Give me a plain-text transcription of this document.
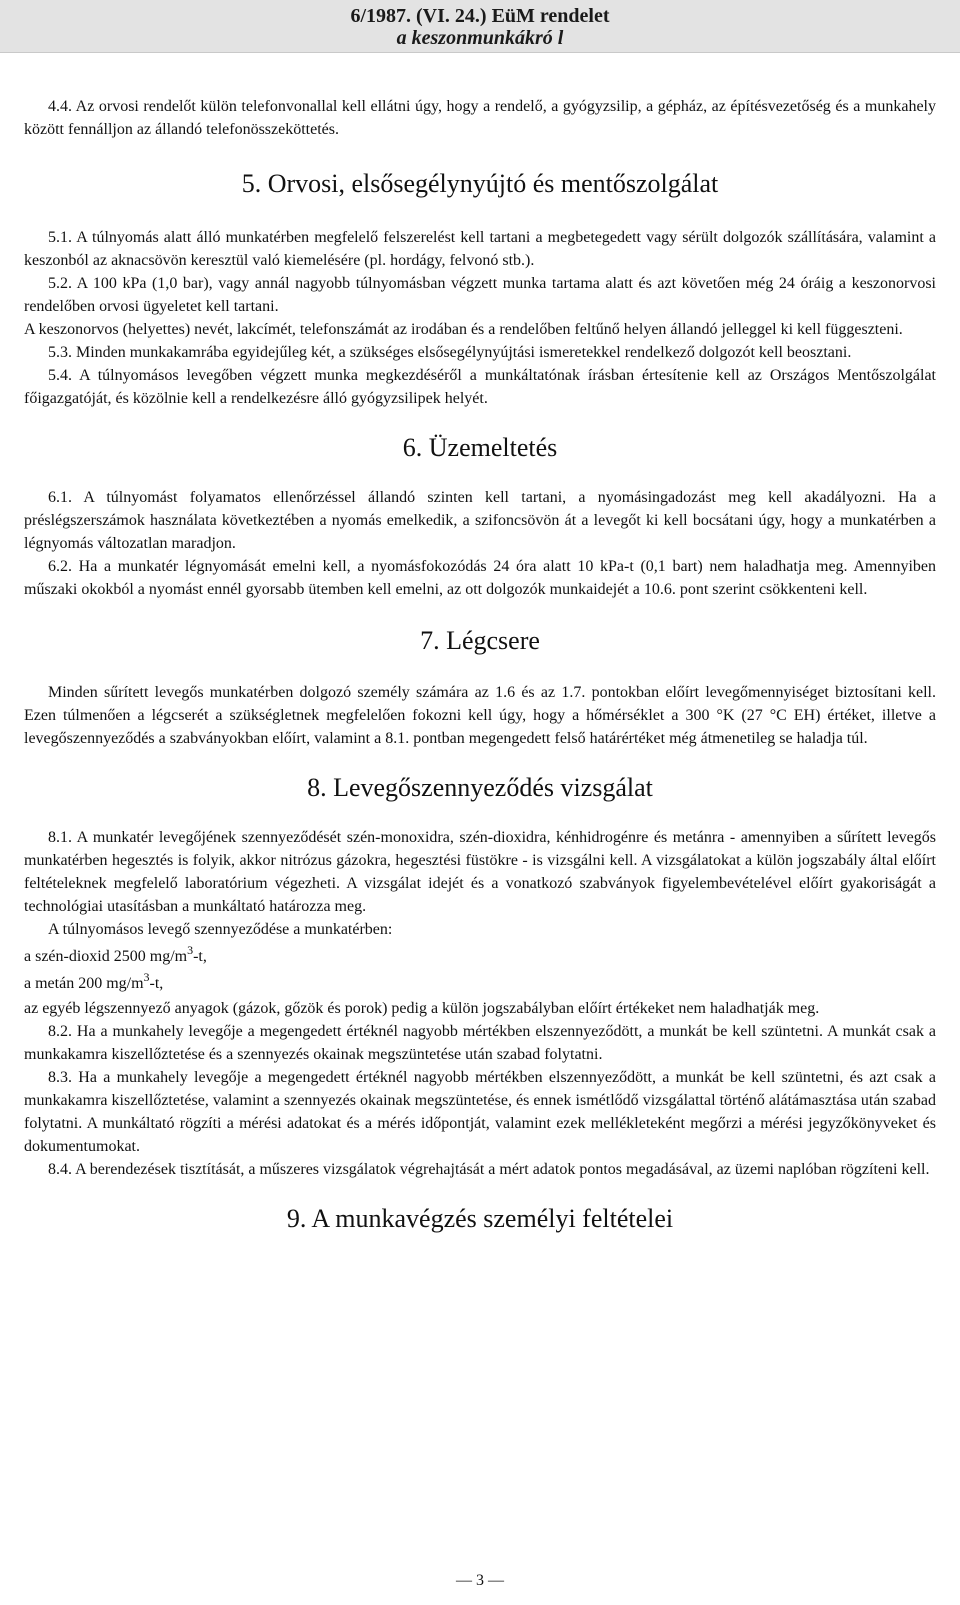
6/1987. (VI. 24.) EüM rendelet
a keszonmunkákró l

4.4. Az orvosi rendelőt külön telefonvonallal kell ellátni úgy, hogy a rendelő, a gyógyzsilip, a gépház, az építésvezetőség és a munkahely között fennálljon az állandó telefonösszeköttetés.

5. Orvosi, elsősegélynyújtó és mentőszolgálat

5.1. A túlnyomás alatt álló munkatérben megfelelő felszerelést kell tartani a megbetegedett vagy sérült dolgozók szállítására, valamint a keszonból az aknacsövön keresztül való kiemelésére (pl. hordágy, felvonó stb.).

5.2. A 100 kPa (1,0 bar), vagy annál nagyobb túlnyomásban végzett munka tartama alatt és azt követően még 24 óráig a keszonorvosi rendelőben orvosi ügyeletet kell tartani.

A keszonorvos (helyettes) nevét, lakcímét, telefonszámát az irodában és a rendelőben feltűnő helyen állandó jelleggel ki kell függeszteni.

5.3. Minden munkakamrába egyidejűleg két, a szükséges elsősegélynyújtási ismeretekkel rendelkező dolgozót kell beosztani.

5.4. A túlnyomásos levegőben végzett munka megkezdéséről a munkáltatónak írásban értesítenie kell az Országos Mentőszolgálat főigazgatóját, és közölnie kell a rendelkezésre álló gyógyzsilipek helyét.

6. Üzemeltetés

6.1. A túlnyomást folyamatos ellenőrzéssel állandó szinten kell tartani, a nyomásingadozást meg kell akadályozni. Ha a préslégszerszámok használata következtében a nyomás emelkedik, a szifoncsövön át a levegőt ki kell bocsátani úgy, hogy a munkatérben a légnyomás változatlan maradjon.

6.2. Ha a munkatér légnyomását emelni kell, a nyomásfokozódás 24 óra alatt 10 kPa-t (0,1 bart) nem haladhatja meg. Amennyiben műszaki okokból a nyomást ennél gyorsabb ütemben kell emelni, az ott dolgozók munkaidejét a 10.6. pont szerint csökkenteni kell.

7. Légcsere

Minden sűrített levegős munkatérben dolgozó személy számára az 1.6 és az 1.7. pontokban előírt levegőmennyiséget biztosítani kell. Ezen túlmenően a légcserét a szükségletnek megfelelően fokozni kell úgy, hogy a hőmérséklet a 300 °K (27 °C EH) értéket, illetve a levegőszennyeződés a szabványokban előírt, valamint a 8.1. pontban megengedett felső határértéket még átmenetileg se haladja túl.

8. Levegőszennyeződés vizsgálat

8.1. A munkatér levegőjének szennyeződését szén-monoxidra, szén-dioxidra, kénhidrogénre és metánra - amennyiben a sűrített levegős munkatérben hegesztés is folyik, akkor nitrózus gázokra, hegesztési füstökre - is vizsgálni kell. A vizsgálatokat a külön jogszabály által előírt feltételeknek megfelelő laboratórium végezheti. A vizsgálat idejét és a vonatkozó szabványok figyelembevételével előírt gyakoriságát a technológiai utasításban a munkáltató határozza meg.

A túlnyomásos levegő szennyeződése a munkatérben:

a szén-dioxid 2500 $mg/m^3-t$,

a metán 200 $mg/m^3-t$,

az egyéb légszennyező anyagok (gázok, gőzök és porok) pedig a külön jogszabályban előírt értékeket nem haladhatják meg.

8.2. Ha a munkahely levegője a megengedett értéknél nagyobb mértékben elszennyeződött, a munkát be kell szüntetni. A munkát csak a munkakamra kiszellőztetése és a szennyezés okainak megszüntetése után szabad folytatni.

8.3. Ha a munkahely levegője a megengedett értéknél nagyobb mértékben elszennyeződött, a munkát be kell szüntetni, és azt csak a munkakamra kiszellőztetése, valamint a szennyezés okainak megszüntetése, és ennek ismétlődő vizsgálattal történő alátámasztása után szabad folytatni. A munkáltató rögzíti a mérési adatokat és a mérés időpontját, valamint ezek mellékleteként megőrzi a mérési jegyzőkönyveket és dokumentumokat.

8.4. A berendezések tisztítását, a műszeres vizsgálatok végrehajtását a mért adatok pontos megadásával, az üzemi naplóban rögzíteni kell.

9. A munkavégzés személyi feltételei
— 3 —
